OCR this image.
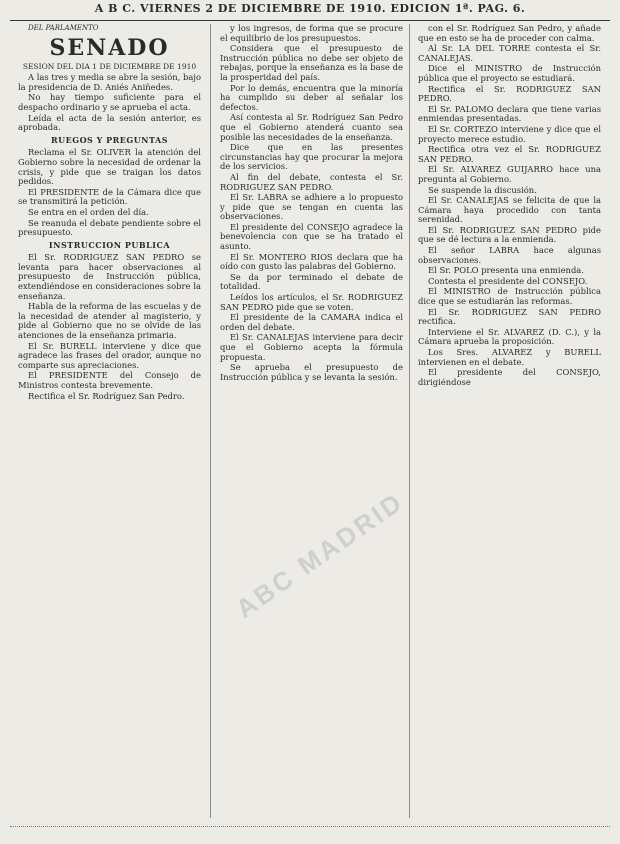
A B C. VIERNES 2 DE DICIEMBRE DE 1910. EDICION 1ª. PAG. 6.

DEL PARLAMENTO

SENADO
SESION DEL DIA 1 DE DICIEMBRE DE 1910

A las tres y media se abre la sesión, bajo la presidencia de D. Aniés Aniñedes.

No hay tiempo suficiente para el despacho ordinario y se aprueba el acta.

Leída el acta de la sesión anterior, es aprobada.

RUEGOS Y PREGUNTAS

Reclama el Sr. OLIVER la atención del Gobierno sobre la necesidad de ordenar la crisis, y pide que se traigan los datos pedidos.

El PRESIDENTE de la Cámara dice que se transmitirá la petición.

Se entra en el orden del día.

Se reanuda el debate pendiente sobre el presupuesto.

INSTRUCCION PUBLICA

El Sr. RODRIGUEZ SAN PEDRO se levanta para hacer observaciones al presupuesto de Instrucción pública, extendiéndose en consideraciones sobre la enseñanza.

Habla de la reforma de las escuelas y de la necesidad de atender al magisterio, y pide al Gobierno que no se olvide de las atenciones de la enseñanza primaria.

El Sr. BURELL interviene y dice que agradece las frases del orador, aunque no comparte sus apreciaciones.

El PRESIDENTE del Consejo de Ministros contesta brevemente.

Rectifica el Sr. Rodríguez San Pedro.

y los ingresos, de forma que se procure el equilibrio de los presupuestos.

Considera que el presupuesto de Instrucción pública no debe ser objeto de rebajas, porque la enseñanza es la base de la prosperidad del país.

Por lo demás, encuentra que la minoría ha cumplido su deber al señalar los defectos.

Así contesta al Sr. Rodríguez San Pedro que el Gobierno atenderá cuanto sea posible las necesidades de la enseñanza.

Dice que en las presentes circunstancias hay que procurar la mejora de los servicios.

Al fin del debate, contesta el Sr. RODRIGUEZ SAN PEDRO.

El Sr. LABRA se adhiere a lo propuesto y pide que se tengan en cuenta las observaciones.

El presidente del CONSEJO agradece la benevolencia con que se ha tratado el asunto.

El Sr. MONTERO RIOS declara que ha oído con gusto las palabras del Gobierno.

Se da por terminado el debate de totalidad.

Leídos los artículos, el Sr. RODRIGUEZ SAN PEDRO pide que se voten.

El presidente de la CAMARA indica el orden del debate.

El Sr. CANALEJAS interviene para decir que el Gobierno acepta la fórmula propuesta.

Se aprueba el presupuesto de Instrucción pública y se levanta la sesión.

con el Sr. Rodríguez San Pedro, y añade que en esto se ha de proceder con calma.

Al Sr. LA DEL TORRE contesta el Sr. CANALEJAS.

Dice el MINISTRO de Instrucción pública que el proyecto se estudiará.

Rectifica el Sr. RODRIGUEZ SAN PEDRO.

El Sr. PALOMO declara que tiene varias enmiendas presentadas.

El Sr. CORTEZO interviene y dice que el proyecto merece estudio.

Rectifica otra vez el Sr. RODRIGUEZ SAN PEDRO.

El Sr. ALVAREZ GUIJARRO hace una pregunta al Gobierno.

Se suspende la discusión.

El Sr. CANALEJAS se felicita de que la Cámara haya procedido con tanta serenidad.

El Sr. RODRIGUEZ SAN PEDRO pide que se dé lectura a la enmienda.

El señor LABRA hace algunas observaciones.

El Sr. POLO presenta una enmienda.

Contesta el presidente del CONSEJO.

El MINISTRO de Instrucción pública dice que se estudiarán las reformas.

El Sr. RODRIGUEZ SAN PEDRO rectifica.

Interviene el Sr. ALVAREZ (D. C.), y la Cámara aprueba la proposición.

Los Sres. ALVAREZ y BURELL intervienen en el debate.

El presidente del CONSEJO, dirigiéndose

ABC MADRID
